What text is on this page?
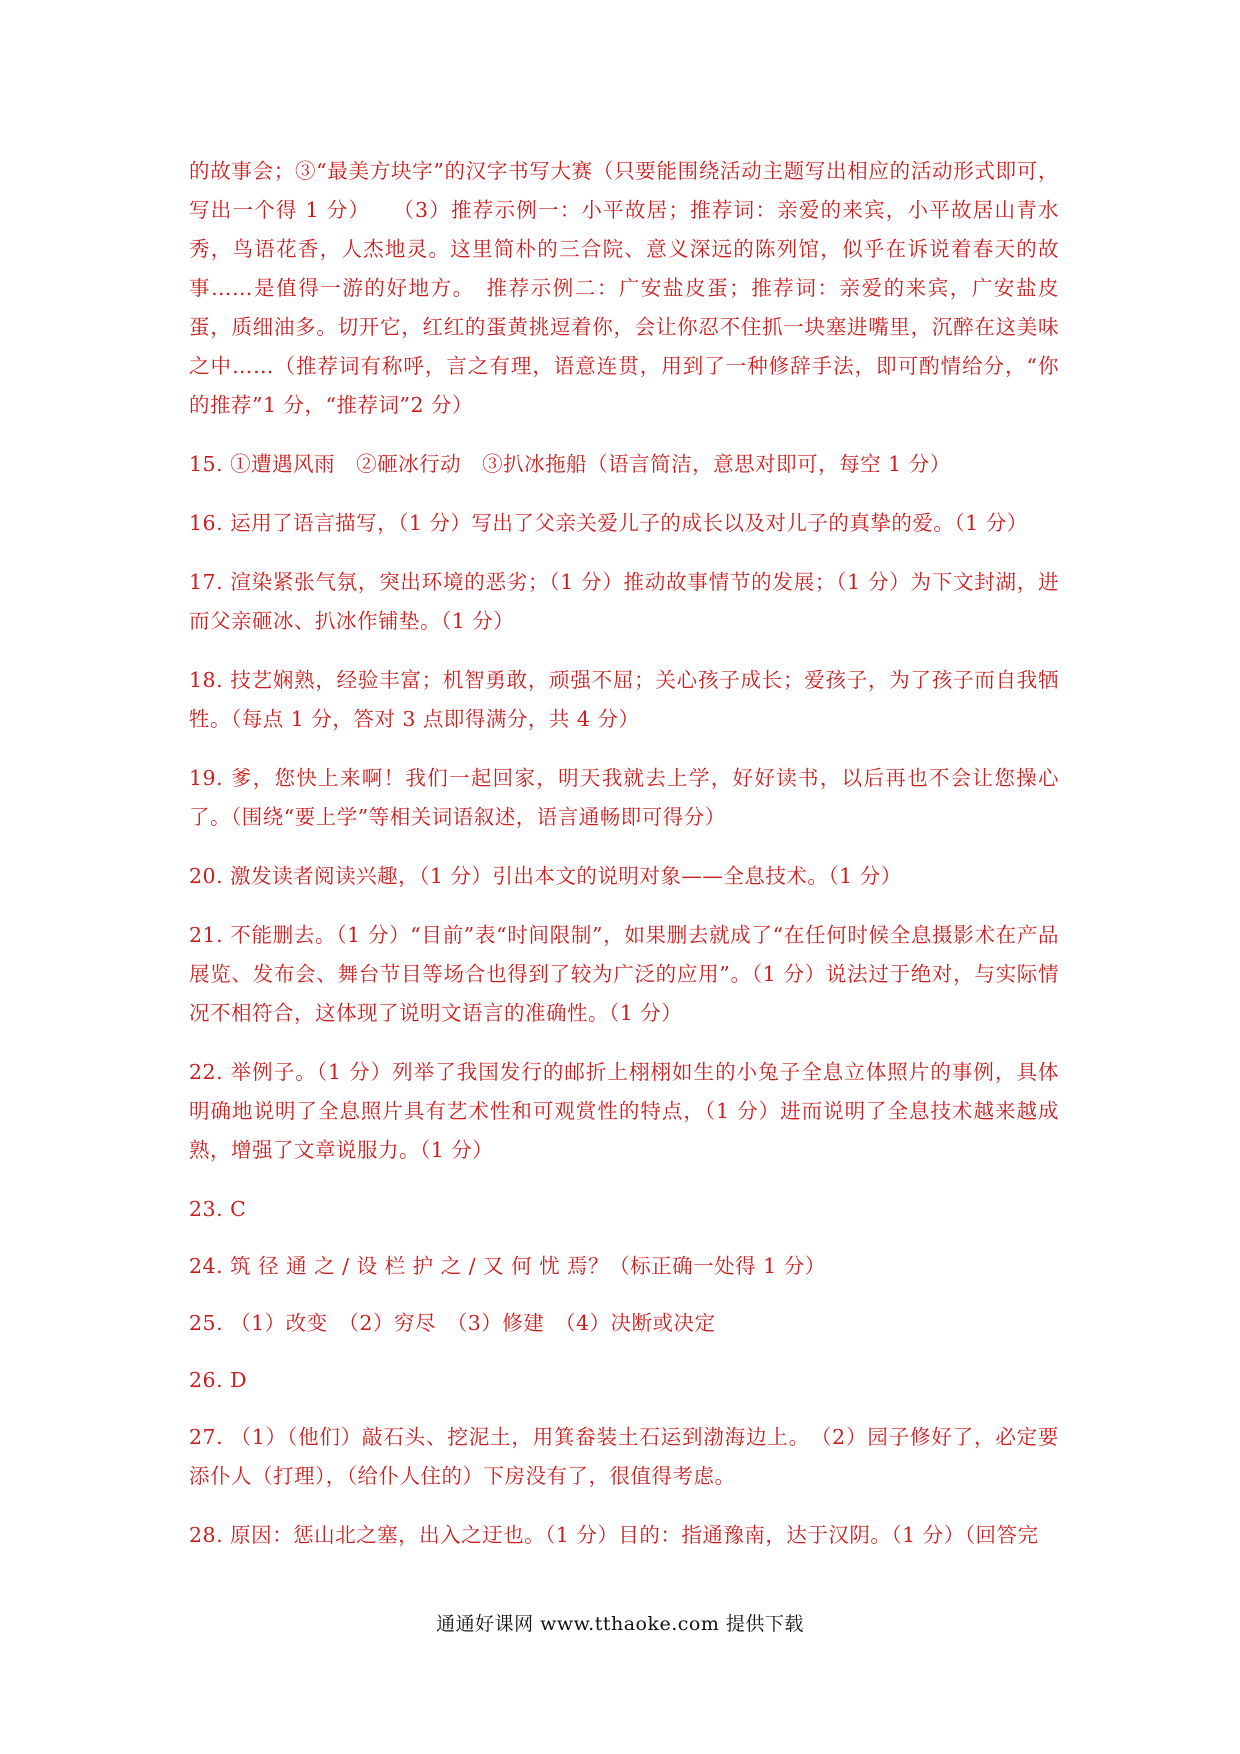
的故事会；③“最美方块字”的汉字书写大赛（只要能围绕活动主题写出相应的活动形式即可，写出一个得 1 分）　　（3）推荐示例一：小平故居；推荐词：亲爱的来宾，小平故居山青水秀，鸟语花香，人杰地灵。这里简朴的三合院、意义深远的陈列馆，似乎在诉说着春天的故事……是值得一游的好地方。　推荐示例二：广安盐皮蛋；推荐词：亲爱的来宾，广安盐皮蛋，质细油多。切开它，红红的蛋黄挑逗着你，会让你忍不住抓一块塞进嘴里，沉醉在这美味之中……（推荐词有称呼，言之有理，语意连贯，用到了一种修辞手法，即可酌情给分，“你的推荐”1 分，“推荐词”2 分）

15. ①遭遇风雨　②砸冰行动　③扒冰拖船（语言简洁，意思对即可，每空 1 分）

16. 运用了语言描写，（1 分）写出了父亲关爱儿子的成长以及对儿子的真挚的爱。（1 分）

17. 渲染紧张气氛，突出环境的恶劣；（1 分）推动故事情节的发展；（1 分）为下文封湖，进而父亲砸冰、扒冰作铺垫。（1 分）

18. 技艺娴熟，经验丰富；机智勇敢，顽强不屈；关心孩子成长；爱孩子，为了孩子而自我牺牲。（每点 1 分，答对 3 点即得满分，共 4 分）

19. 爹，您快上来啊！我们一起回家，明天我就去上学，好好读书，以后再也不会让您操心了。（围绕“要上学”等相关词语叙述，语言通畅即可得分）

20. 激发读者阅读兴趣，（1 分）引出本文的说明对象——全息技术。（1 分）

21. 不能删去。（1 分）“目前”表“时间限制”，如果删去就成了“在任何时候全息摄影术在产品展览、发布会、舞台节目等场合也得到了较为广泛的应用”。（1 分）说法过于绝对，与实际情况不相符合，这体现了说明文语言的准确性。（1 分）

22. 举例子。（1 分）列举了我国发行的邮折上栩栩如生的小兔子全息立体照片的事例，具体明确地说明了全息照片具有艺术性和可观赏性的特点，（1 分）进而说明了全息技术越来越成熟，增强了文章说服力。（1 分）

23. C

24. 筑 径 通 之 / 设 栏 护 之 / 又 何 忧 焉？（标正确一处得 1 分）

25. （1）改变　（2）穷尽　（3）修建　（4）决断或决定

26. D

27. （1）（他们）敲石头、挖泥土，用箕畚装土石运到渤海边上。　（2）园子修好了，必定要添仆人（打理），（给仆人住的）下房没有了，很值得考虑。

28. 原因：惩山北之塞，出入之迂也。（1 分）目的：指通豫南，达于汉阴。（1 分）（回答完

通通好课网 www.tthaoke.com 提供下载
